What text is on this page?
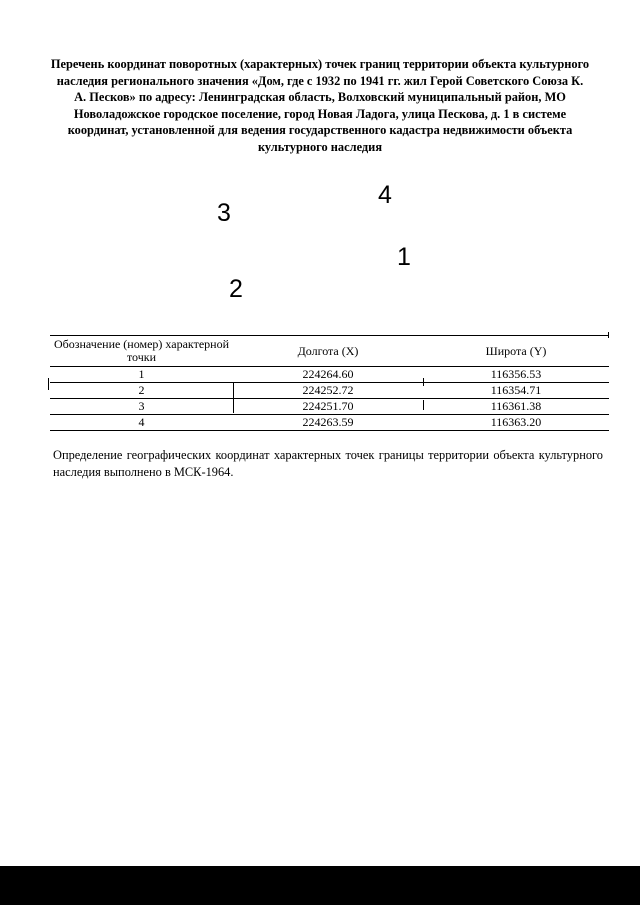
Перечень координат поворотных (характерных) точек границ территории объекта культурного наследия регионального значения «Дом, где с 1932 по 1941 гг. жил Герой Советского Союза К. А. Песков» по адресу: Ленинградская область, Волховский муниципальный район, МО Новоладожское городское поселение, город Новая Ладога, улица Пескова, д. 1 в системе координат, установленной для ведения государственного кадастра недвижимости объекта культурного наследия
4
3
1
2
Обозначение (номер) характерной точки	Долгота (X)	Широта (Y)
1	224264.60	116356.53
2	224252.72	116354.71
3	224251.70	116361.38
4	224263.59	116363.20
Определение географических координат характерных точек границы территории объекта культурного наследия выполнено в МСК-1964.
